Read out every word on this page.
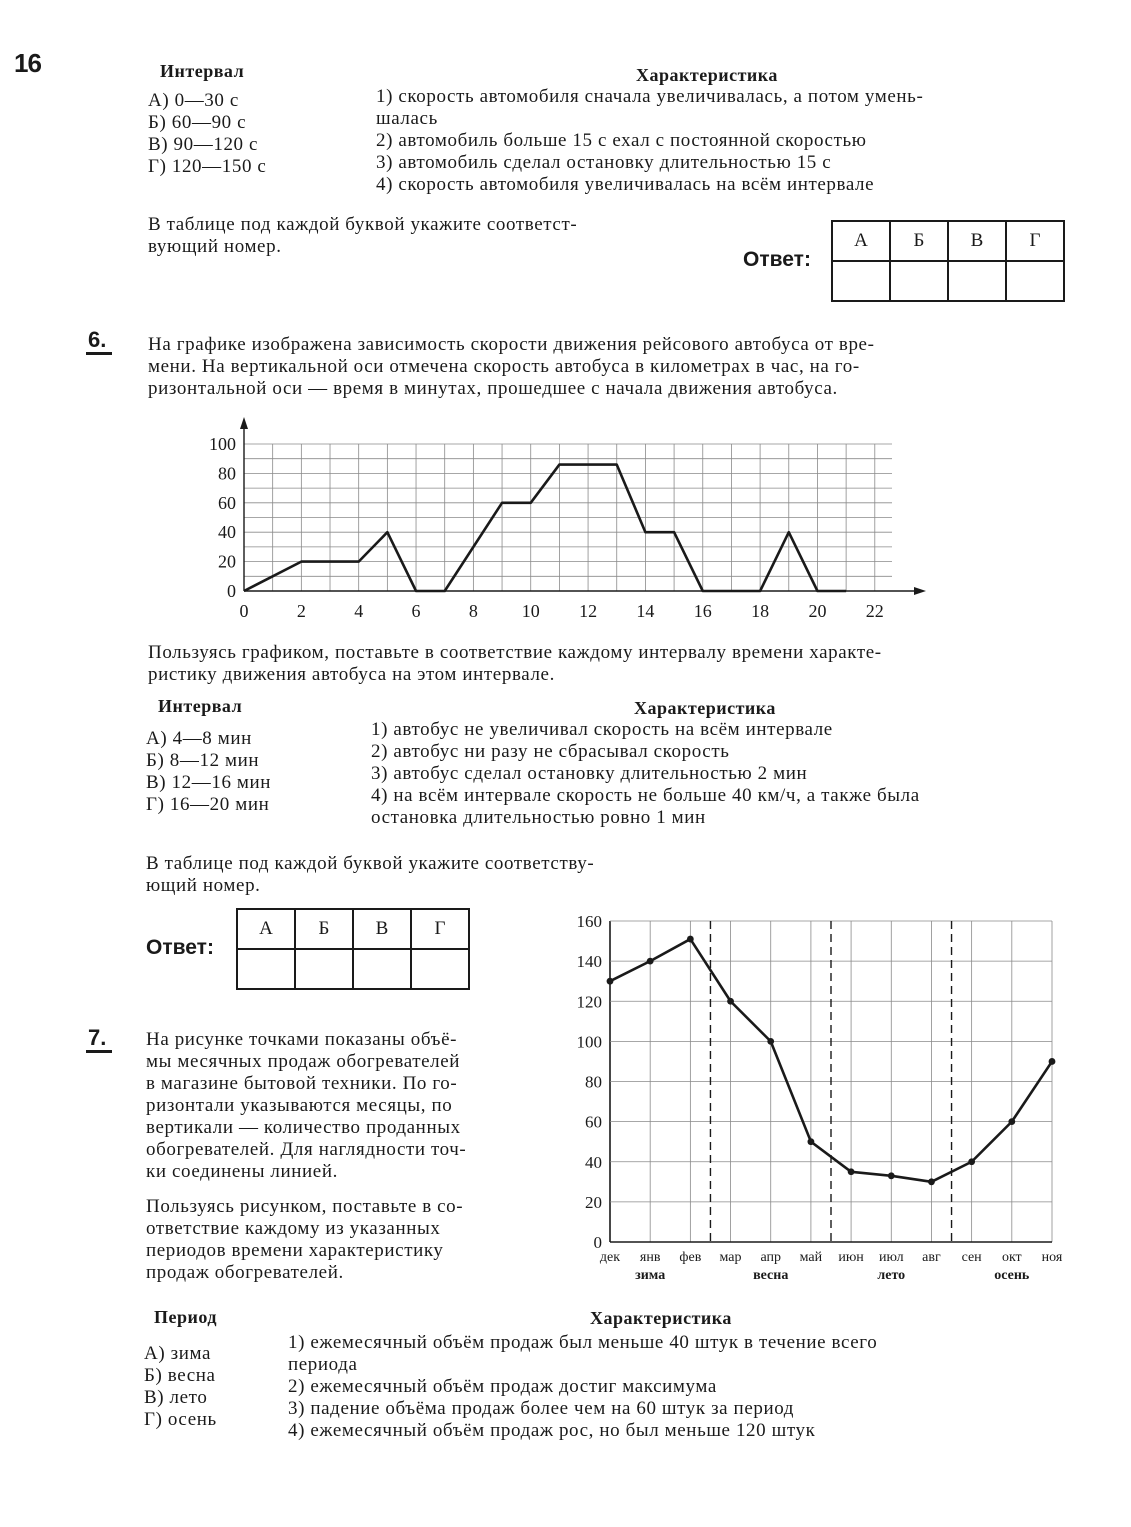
16	Интервал	Характеристика
А) 0—30 с
Б) 60—90 с
В) 90—120 с
Г) 120—150 с
1) скорость автомобиля сначала увеличивалась, а потом умень-
шалась
2) автомобиль больше 15 с ехал с постоянной скоростью
3) автомобиль сделал остановку длительностью 15 с
4) скорость автомобиля увеличивалась на всём интервале
В таблице под каждой буквой укажите соответст-
вующий номер.
Ответ:
А	Б	В	Г

6.	На графике изображена зависимость скорости движения рейсового автобуса от вре-
мени. На вертикальной оси отмечена скорость автобуса в километрах в час, на го-
ризонтальной оси — время в минутах, прошедшее с начала движения автобуса.
0
20
40
60
80
100
0	2	4	6	8 10 12 14 16 18 20 22
Пользуясь графиком, поставьте в соответствие каждому интервалу времени характе-
ристику движения автобуса на этом интервале.
Интервал	Характеристика
А) 4—8 мин
Б) 8—12 мин
В) 12—16 мин
Г) 16—20 мин
1) автобус не увеличивал скорость на всём интервале
2) автобус ни разу не сбрасывал скорость
3) автобус сделал остановку длительностью 2 мин
4) на всём интервале скорость не больше 40 км/ч, а также была
остановка длительностью ровно 1 мин
В таблице под каждой буквой укажите соответству-
ющий номер.
Ответ:
А	Б	В	Г

7.	На рисунке точками показаны объё-
мы месячных продаж обогревателей
в магазине бытовой техники. По го-
ризонтали указываются месяцы, по
вертикали — количество проданных
обогревателей. Для наглядности точ-
ки соединены линией.
Пользуясь рисунком, поставьте в со-
ответствие каждому из указанных
периодов времени характеристику
продаж обогревателей.
0
20
40
60
80
100
120
140
160
дек янв фев мар апр май июн июл авг сен окт ноя
зима	весна	лето	осень
Период	Характеристика
А) зима
Б) весна
В) лето
Г) осень
1) ежемесячный объём продаж был меньше 40 штук в течение всего
периода
2) ежемесячный объём продаж достиг максимума
3) падение объёма продаж более чем на 60 штук за период
4) ежемесячный объём продаж рос, но был меньше 120 штук
